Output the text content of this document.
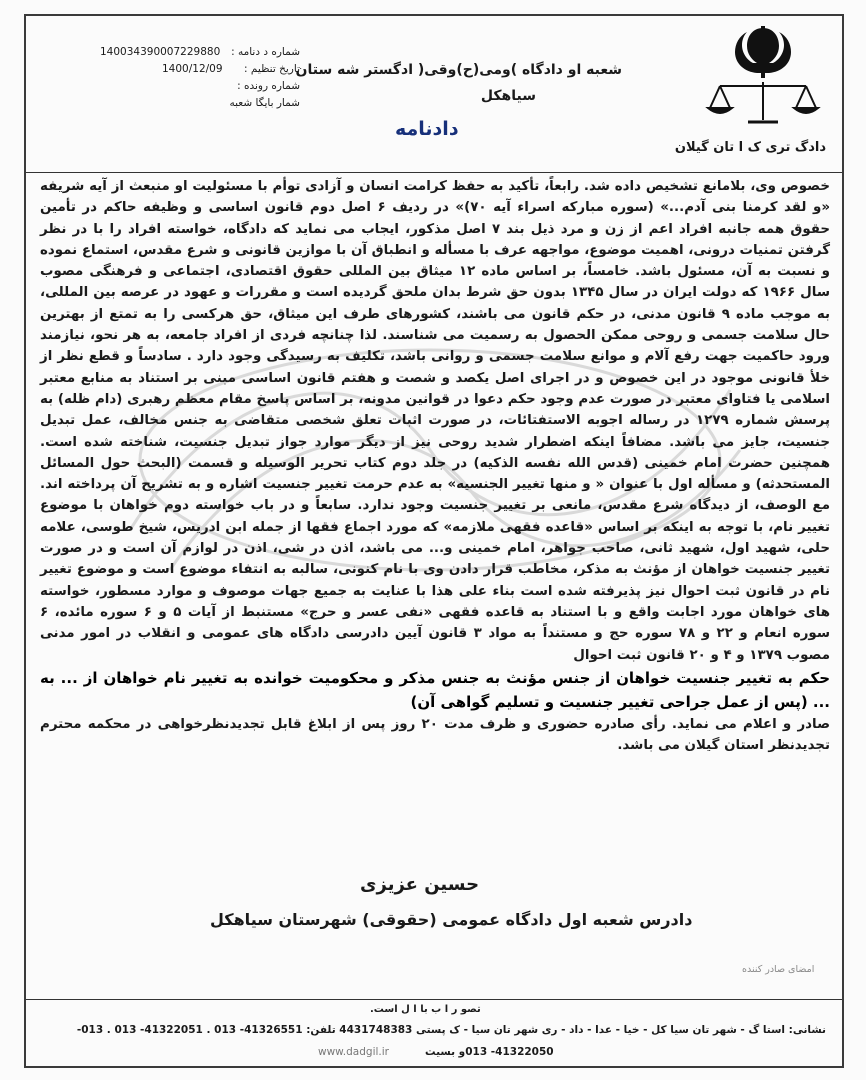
دادگ تری ک ا تان گیلان
شعبه او دادگاه )ومی(ح)وقی( ادگستر شه ستان
سیاهکل
دادنامه
شماره د دنامه :
140034390007229880
تاریخ تنظیم :
1400/12/09
شماره رونده :
شمار بایگا شعبه

خصوص وی، بلامانع تشخیص داده شد. رابعاً، تأکید به حفظ کرامت انسان و آزادی توأم با مسئولیت او منبعث از آیه شریفه «و لقد کرمنا بنی آدم...» (سوره مبارکه اسراء آیه ۷۰)» در ردیف ۶ اصل دوم قانون اساسی و وظیفه حاکم در تأمین حقوق همه جانبه افراد اعم از زن و مرد ذیل بند ۷ اصل مذکور، ایجاب می نماید که دادگاه، خواسته افراد را با در نظر گرفتن تمنیات درونی، اهمیت موضوع، مواجهه عرف با مسأله و انطباق آن با موازین قانونی و شرع مقدس، استماع نموده و نسبت به آن، مسئول باشد. خامساً، بر اساس ماده ۱۲ میثاق بین المللی حقوق اقتصادی، اجتماعی و فرهنگی مصوب سال ۱۹۶۶ که دولت ایران در سال ۱۳۴۵ بدون حق شرط بدان ملحق گردیده است و مقررات و عهود در عرصه بین المللی، به موجب ماده ۹ قانون مدنی، در حکم قانون می باشند، کشورهای طرف این میثاق، حق هرکسی را به تمتع از بهترین حال سلامت جسمی و روحی ممکن الحصول به رسمیت می شناسند. لذا چنانچه فردی از افراد جامعه، به هر نحو، نیازمند ورود حاکمیت جهت رفع آلام و موانع سلامت جسمی و روانی باشد، تکلیف به رسیدگی وجود دارد . سادساً و قطع نظر از خلأ قانونی موجود در این خصوص و در اجرای اصل یکصد و شصت و هفتم قانون اساسی مبنی بر استناد به منابع معتبر اسلامی یا فتاوای معتبر در صورت عدم وجود حکم دعوا در قوانین مدونه، بر اساس پاسخ مقام معظم رهبری (دام ظله) به پرسش شماره ۱۲۷۹ در رساله اجوبه الاستفتائات، در صورت اثبات تعلق شخصی متقاضی به جنس مخالف، عمل تبدیل جنسیت، جایز می باشد. مضافاً اینکه اضطرار شدید روحی نیز از دیگر موارد جواز تبدیل جنسیت، شناخته شده است. همچنین حضرت امام خمینی (قدس الله نفسه الذکیه) در جلد دوم کتاب تحریر الوسیله و قسمت (البحث حول المسائل المستحدثه) و مسأله اول با عنوان « و منها تغییر الجنسیه» به عدم حرمت تغییر جنسیت اشاره و به تشریح آن پرداخته اند. مع الوصف، از دیدگاه شرع مقدس، مانعی بر تغییر جنسیت وجود ندارد. سابعاً و در باب خواسته دوم خواهان با موضوع تغییر نام، با توجه به اینکه بر اساس «قاعده فقهی ملازمه» که مورد اجماع فقها از جمله ابن ادریس، شیخ طوسی، علامه حلی، شهید اول، شهید ثانی، صاحب جواهر، امام خمینی و... می باشد، اذن در شی، اذن در لوازم آن است و در صورت تغییر جنسیت خواهان از مؤنث به مذکر، مخاطب قرار دادن وی با نام کنونی، سالبه به انتفاء موضوع است و موضوع تغییر نام در قانون ثبت احوال نیز پذیرفته شده است بناء علی هذا با عنایت به جمیع جهات موصوف و موارد مسطور، خواسته های خواهان مورد اجابت واقع و با استناد به قاعده فقهی «نفی عسر و حرج» مستنبط از آیات ۵ و ۶ سوره مائده، ۶ سوره انعام و ۲۲ و ۷۸ سوره حج و مستنداً به مواد ۳ قانون آیین دادرسی دادگاه های عمومی و انقلاب در امور مدنی مصوب ۱۳۷۹ و ۴ و ۲۰ قانون ثبت احوال

حکم به تغییر جنسیت خواهان از جنس مؤنث به جنس مذکر و محکومیت خوانده به تغییر نام خواهان از ... به ... (پس از عمل جراحی تغییر جنسیت و تسلیم گواهی آن)

صادر و اعلام می نماید. رأی صادره حضوری و ظرف مدت ۲۰ روز پس از ابلاغ قابل تجدیدنظرخواهی در محکمه محترم تجدیدنظر استان گیلان می باشد.

حسین عزیزی
دادرس شعبه اول دادگاه عمومی (حقوقی) شهرستان سیاهکل
امضای صادر کننده
تصو ر ا ب با ا ل است.
نشانی: استا گ - شهر تان سیا کل - خیا - عدا - داد - ری شهر تان سیا - ک پستی 4431748383 تلفن: 41326551- 013 . 41322051- 013 . 013-
www.dadgil.ir	41322050- 013و بسیت
